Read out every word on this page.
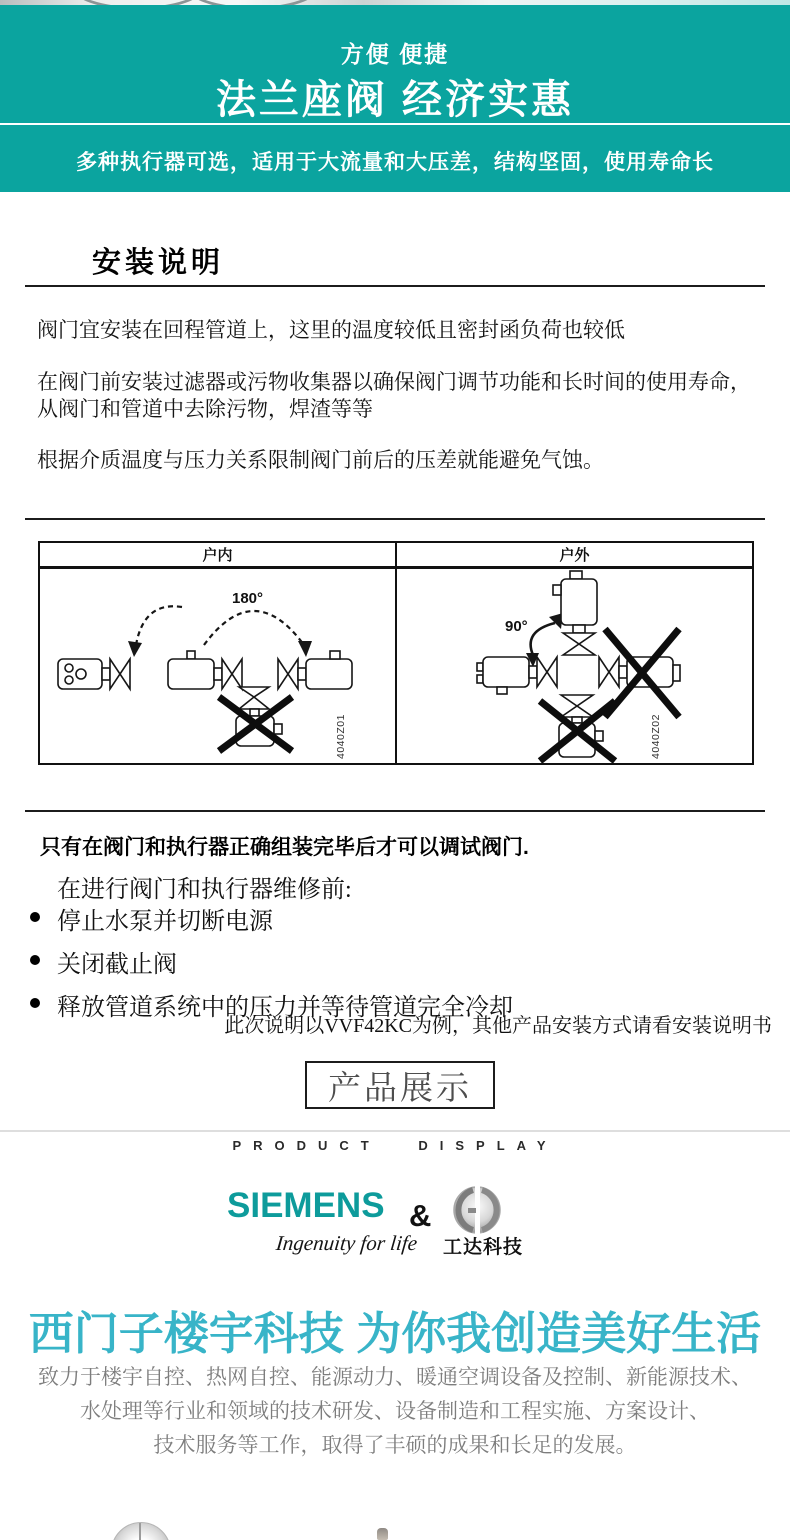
方便 便捷
法兰座阀 经济实惠
多种执行器可选，适用于大流量和大压差，结构坚固，使用寿命长
安装说明
阀门宜安装在回程管道上，这里的温度较低且密封函负荷也较低
在阀门前安装过滤器或污物收集器以确保阀门调节功能和长时间的使用寿命，从阀门和管道中去除污物，焊渣等等
根据介质温度与压力关系限制阀门前后的压差就能避免气蚀。
户内
180°
4040Z01
户外
90°
4040Z02
只有在阀门和执行器正确组装完毕后才可以调试阀门.
在进行阀门和执行器维修前:
停止水泵并切断电源
关闭截止阀
释放管道系统中的压力并等待管道完全冷却
此次说明以VVF42KC为例，其他产品安装方式请看安装说明书
产品展示
PRODUCT DISPLAY
SIEMENS
Ingenuity for life
&
工达科技
西门子楼宇科技 为你我创造美好生活
致力于楼宇自控、热网自控、能源动力、暖通空调设备及控制、新能源技术、
水处理等行业和领域的技术研发、设备制造和工程实施、方案设计、
技术服务等工作，取得了丰硕的成果和长足的发展。
